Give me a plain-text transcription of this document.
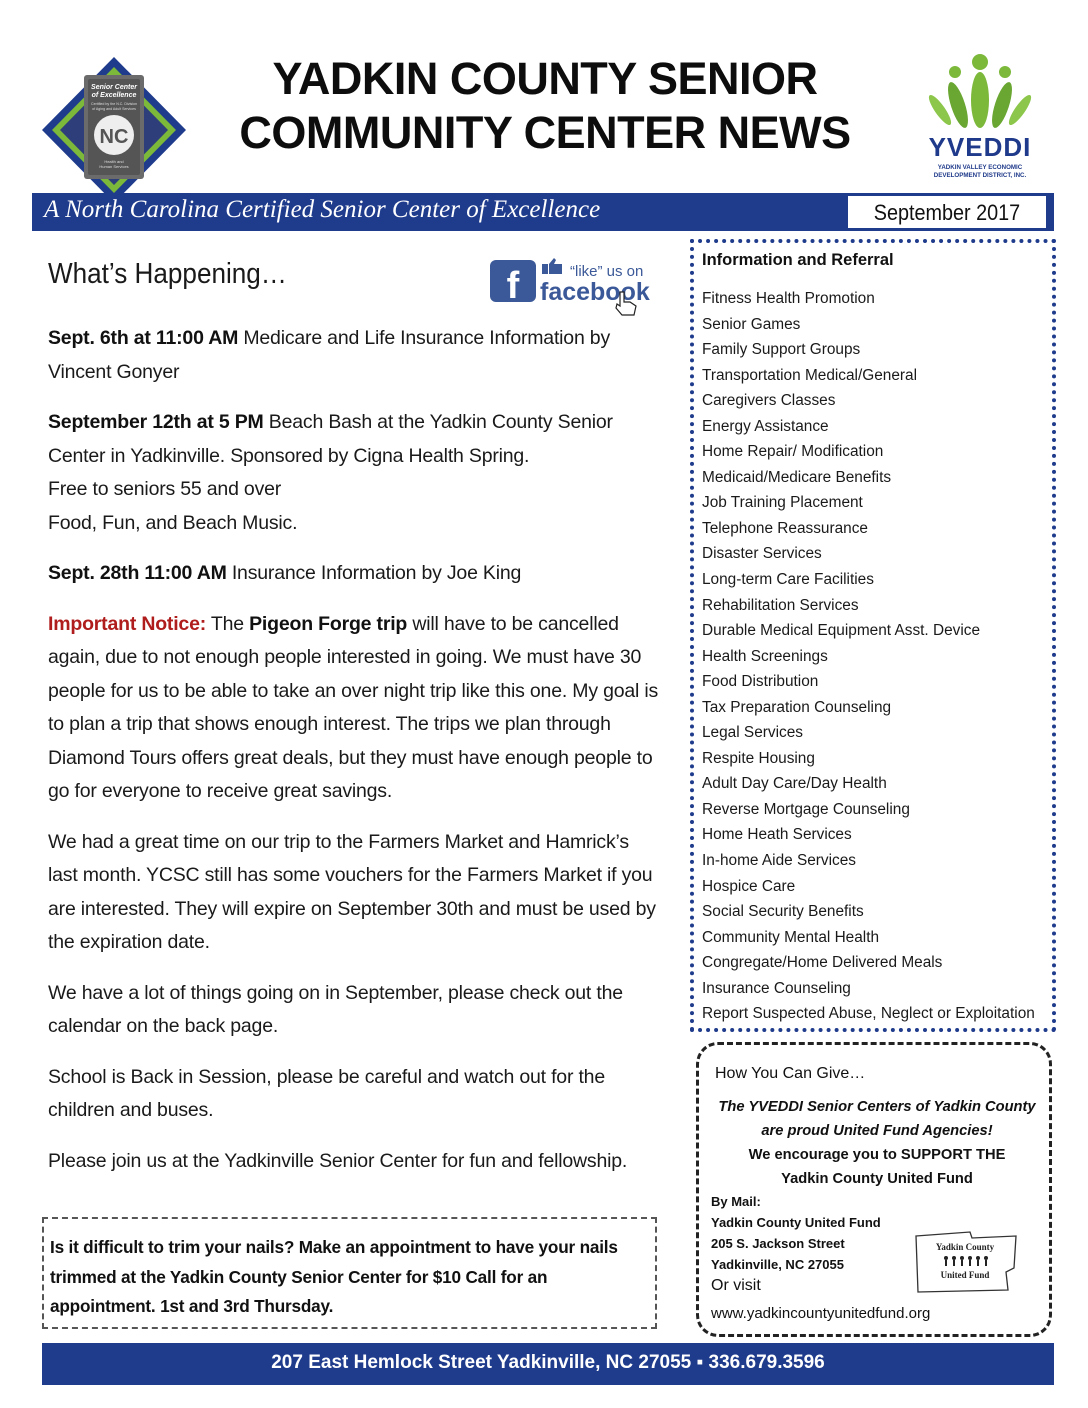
Senior Center
of Excellence
Certified by the N.C. Division
of Aging and Adult Services
NC
Health and
Human Services
YADKIN COUNTY SENIOR
COMMUNITY CENTER NEWS	YVEDDI
YADKIN VALLEY ECONOMIC DEVELOPMENT DISTRICT, INC.
A North Carolina Certified Senior Center of Excellence	September 2017
f	“like” us on
facebook
What’s Happening…

Sept. 6th at 11:00 AM Medicare and Life Insurance Information by Vincent Gonyer

September 12th at 5 PM Beach Bash at the Yadkin County Senior Center in Yadkinville. Sponsored by Cigna Health Spring.
Free to seniors 55 and over
Food, Fun, and Beach Music.

Sept. 28th 11:00 AM Insurance Information by Joe King

Important Notice: The Pigeon Forge trip will have to be cancelled again, due to not enough people interested in going. We must have 30 people for us to be able to take an over night trip like this one. My goal is to plan a trip that shows enough interest. The trips we plan through Diamond Tours offers great deals, but they must have enough people to go for everyone to receive great savings.

We had a great time on our trip to the Farmers Market and Hamrick’s last month. YCSC still has some vouchers for the Farmers Market if you are interested. They will expire on September 30th and must be used by the expiration date.

We have a lot of things going on in September, please check out the calendar on the back page.

School is Back in Session, please be careful and watch out for the children and buses.

Please join us at the Yadkinville Senior Center for fun and fellowship.

Is it difficult to trim your nails? Make an appointment to have your nails trimmed at the Yadkin County Senior Center for $10 Call for an appointment. 1st and 3rd Thursday.

Information and Referral
Fitness Health Promotion
Senior Games
Family Support Groups
Transportation Medical/General
Caregivers Classes
Energy Assistance
Home Repair/ Modification
Medicaid/Medicare Benefits
Job Training Placement
Telephone Reassurance
Disaster Services
Long-term Care Facilities
Rehabilitation Services
Durable Medical Equipment Asst. Device
Health Screenings
Food Distribution
Tax Preparation Counseling
Legal Services
Respite Housing
Adult Day Care/Day Health
Reverse Mortgage Counseling
Home Heath Services
In-home Aide Services
Hospice Care
Social Security Benefits
Community Mental Health
Congregate/Home Delivered Meals
Insurance Counseling
Report Suspected Abuse, Neglect or Exploitation
How You Can Give…
The YVEDDI Senior Centers of Yadkin County
are proud United Fund Agencies!
We encourage you to SUPPORT THE
Yadkin County United Fund
By Mail:
Yadkin County United Fund
205 S. Jackson Street
Yadkinville, NC 27055
Or visit
www.yadkincountyunitedfund.org
Yadkin County
United Fund
207 East Hemlock Street Yadkinville, NC 27055 ▪ 336.679.3596
